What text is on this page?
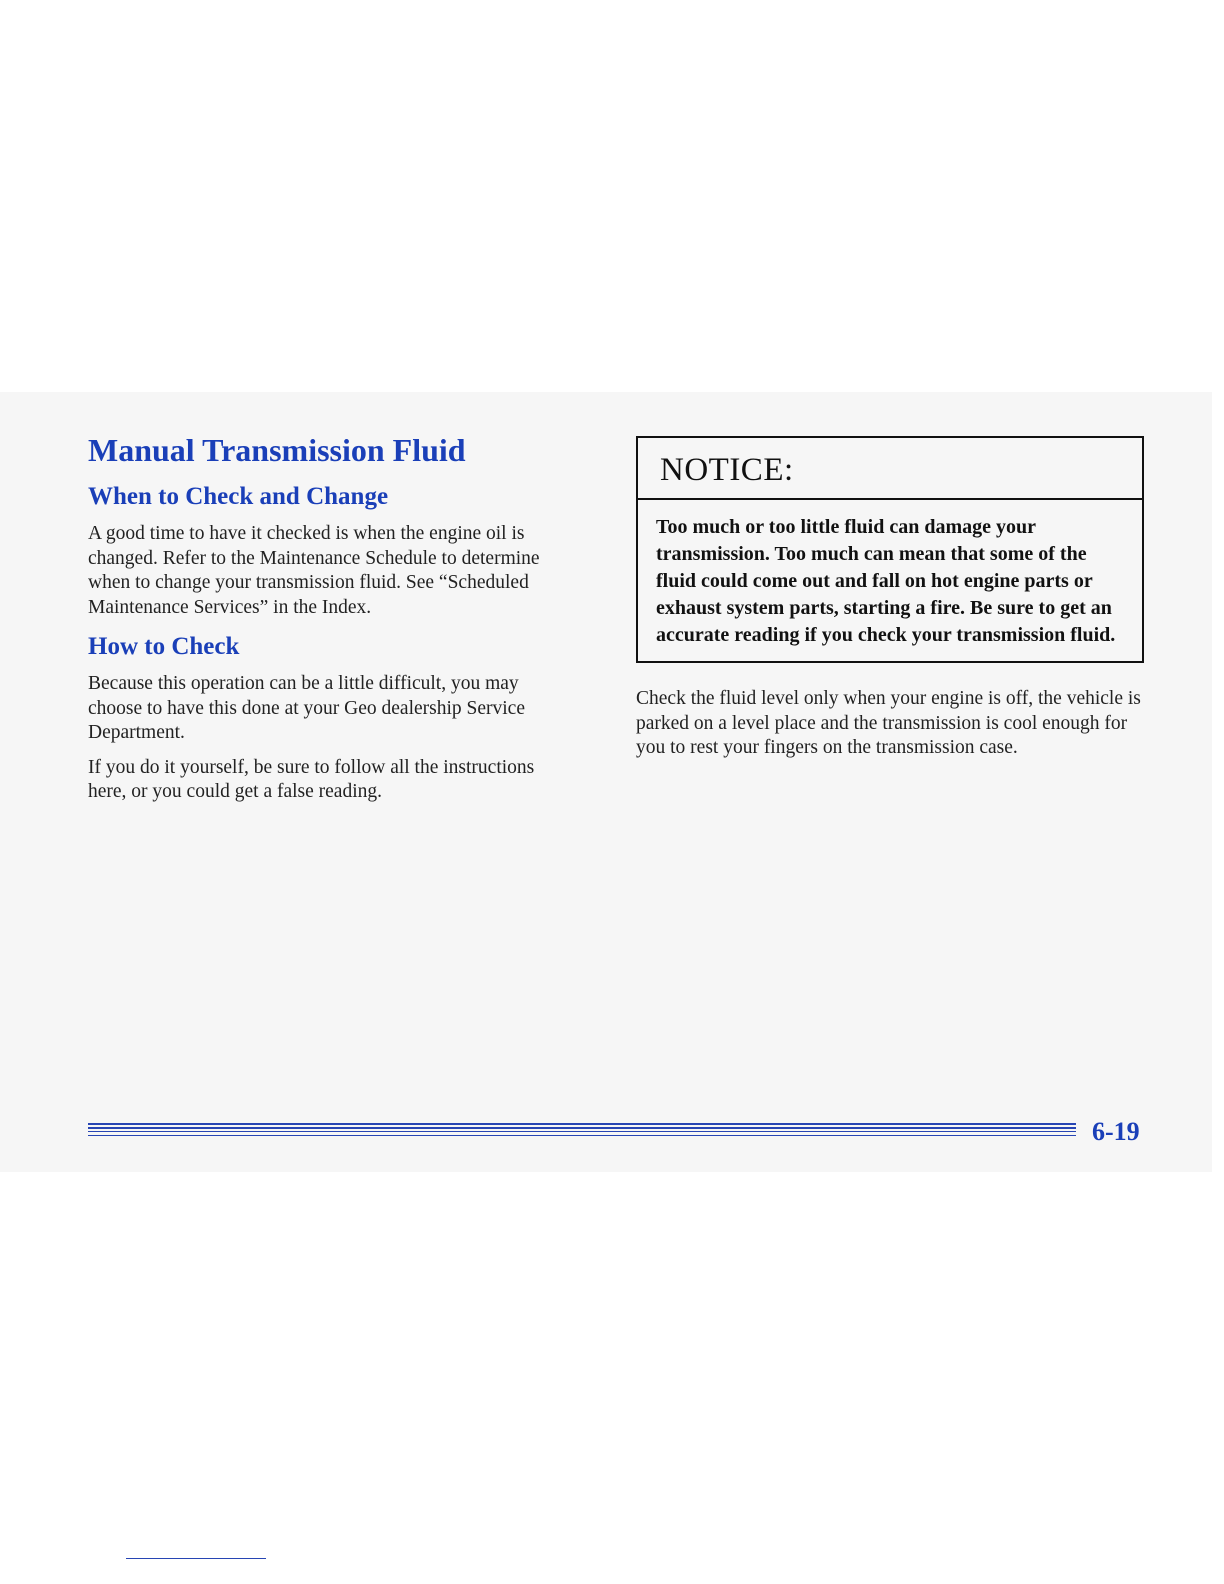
Manual Transmission Fluid
When to Check and Change

A good time to have it checked is when the engine oil is changed. Refer to the Maintenance Schedule to determine when to change your transmission fluid. See “Scheduled Maintenance Services” in the Index.

How to Check

Because this operation can be a little difficult, you may choose to have this done at your Geo dealership Service Department.

If you do it yourself, be sure to follow all the instructions here, or you could get a false reading.

NOTICE:
Too much or too little fluid can damage your transmission. Too much can mean that some of the fluid could come out and fall on hot engine parts or exhaust system parts, starting a fire. Be sure to get an accurate reading if you check your transmission fluid.

Check the fluid level only when your engine is off, the vehicle is parked on a level place and the transmission is cool enough for you to rest your fingers on the transmission case.

6-19
